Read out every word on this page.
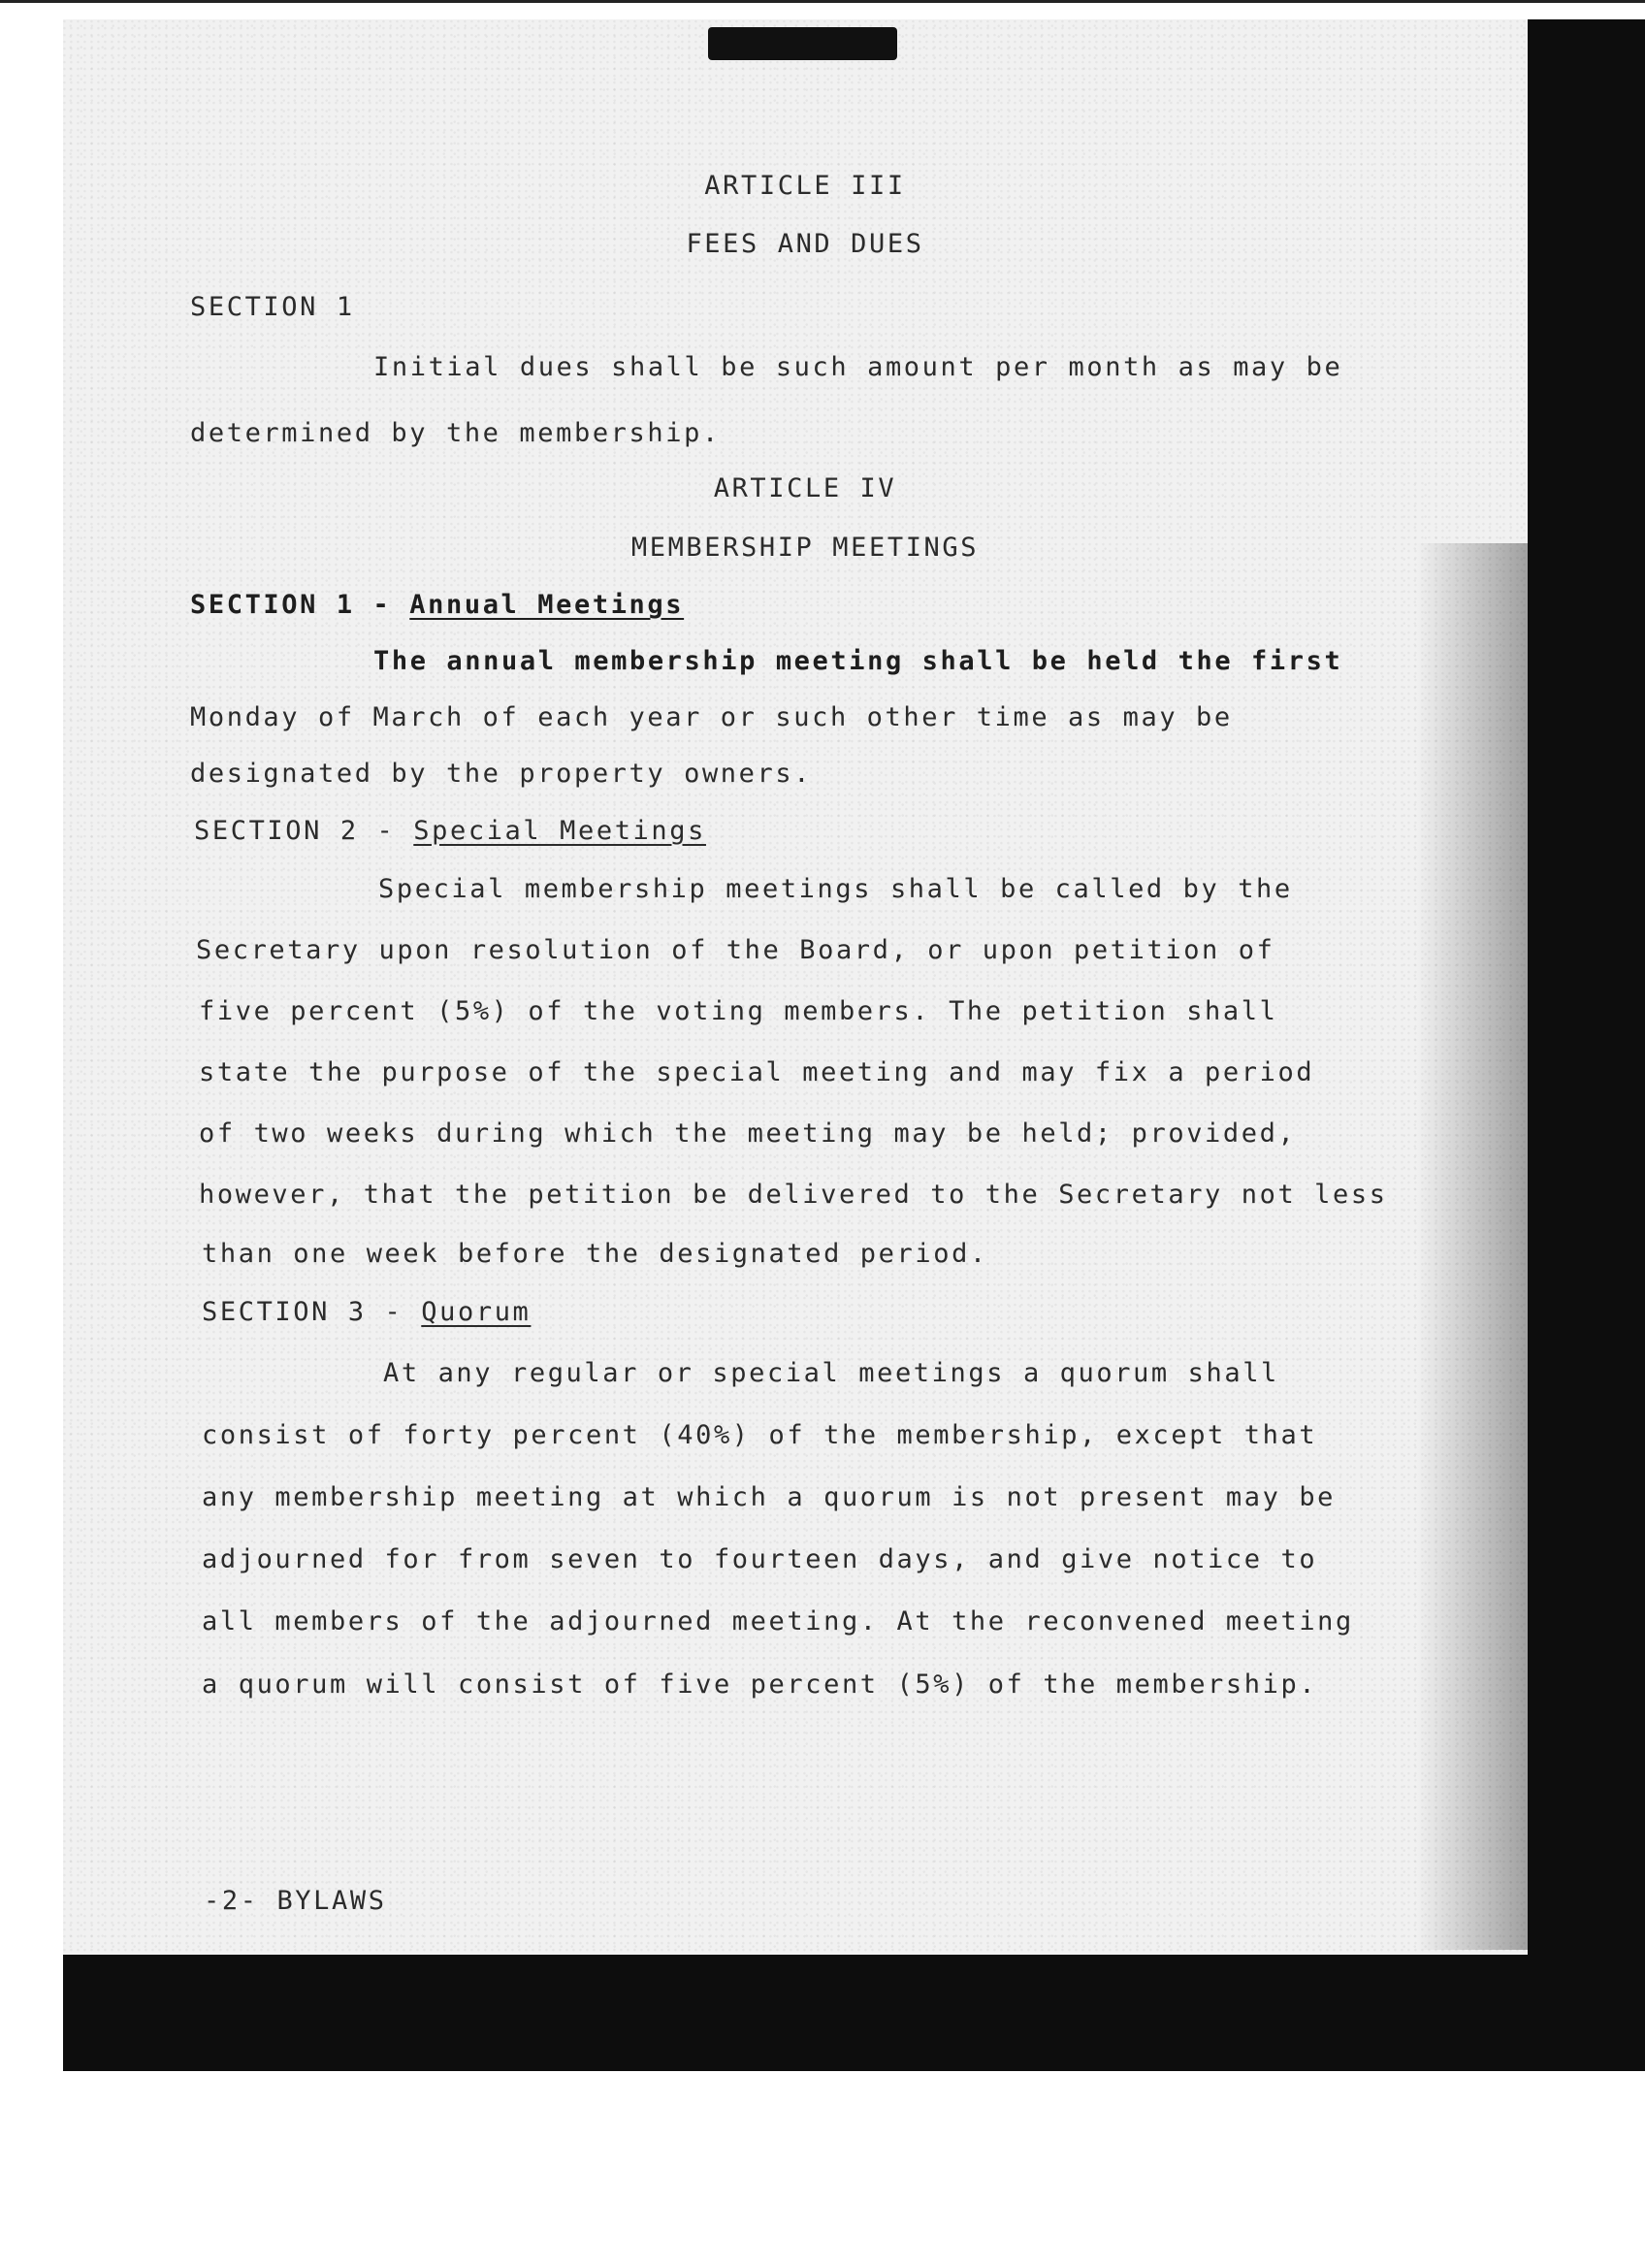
ARTICLE III

FEES AND DUES

SECTION 1

Initial dues shall be such amount per month as may be

determined by the membership.

ARTICLE IV

MEMBERSHIP MEETINGS

SECTION 1 - Annual Meetings

The annual membership meeting shall be held the first

Monday of March of each year or such other time as may be

designated by the property owners.

SECTION 2 - Special Meetings

Special membership meetings shall be called by the

Secretary upon resolution of the Board, or upon petition of

five percent (5%) of the voting members. The petition shall

state the purpose of the special meeting and may fix a period

of two weeks during which the meeting may be held; provided,

however, that the petition be delivered to the Secretary not less

than one week before the designated period.

SECTION 3 - Quorum

At any regular or special meetings a quorum shall

consist of forty percent (40%) of the membership, except that

any membership meeting at which a quorum is not present may be

adjourned for from seven to fourteen days, and give notice to

all members of the adjourned meeting. At the reconvened meeting

a quorum will consist of five percent (5%) of the membership.

-2- BYLAWS
